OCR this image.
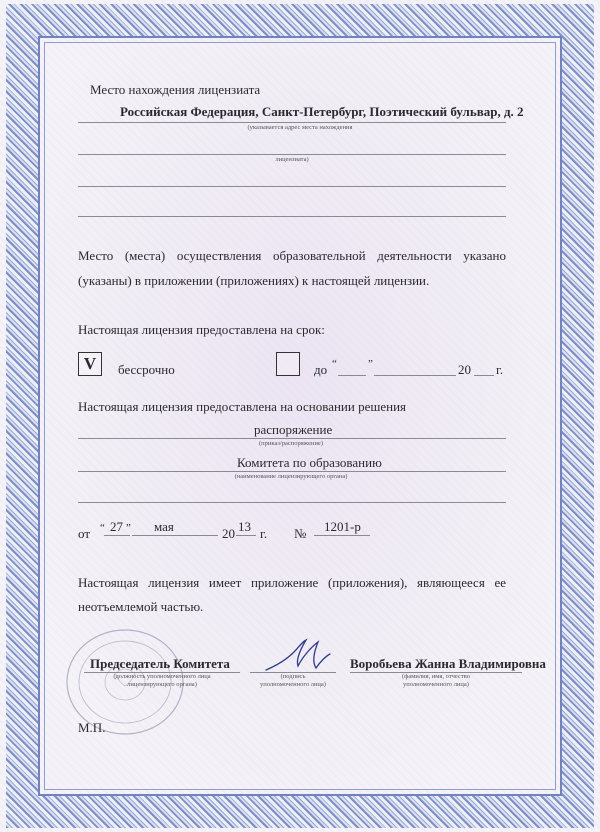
Место нахождения лицензиата
Российская Федерация, Санкт-Петербург, Поэтический бульвар, д. 2
(указывается адрес места нахождения
лицензиата)
Место (места) осуществления образовательной деятельности указано
(указаны) в приложении (приложениях) к настоящей лицензии.
Настоящая лицензия предоставлена на срок:
V	бессрочно	до “	”	20 г.
Настоящая лицензия предоставлена на основании решения
распоряжение
(приказ/распоряжение)
Комитета по образованию
(наименование лицензирующего органа)
от “ 27 ” мая	20 13 г. № 1201-р
Настоящая лицензия имеет приложение (приложения), являющееся ее
неотъемлемой частью.
Председатель Комитета
(должность уполномоченного лица
лицензирующего органа)
(подпись
уполномоченного лица)
Воробьева Жанна Владимировна
(фамилия, имя, отчество
уполномоченного лица)
М.П.
